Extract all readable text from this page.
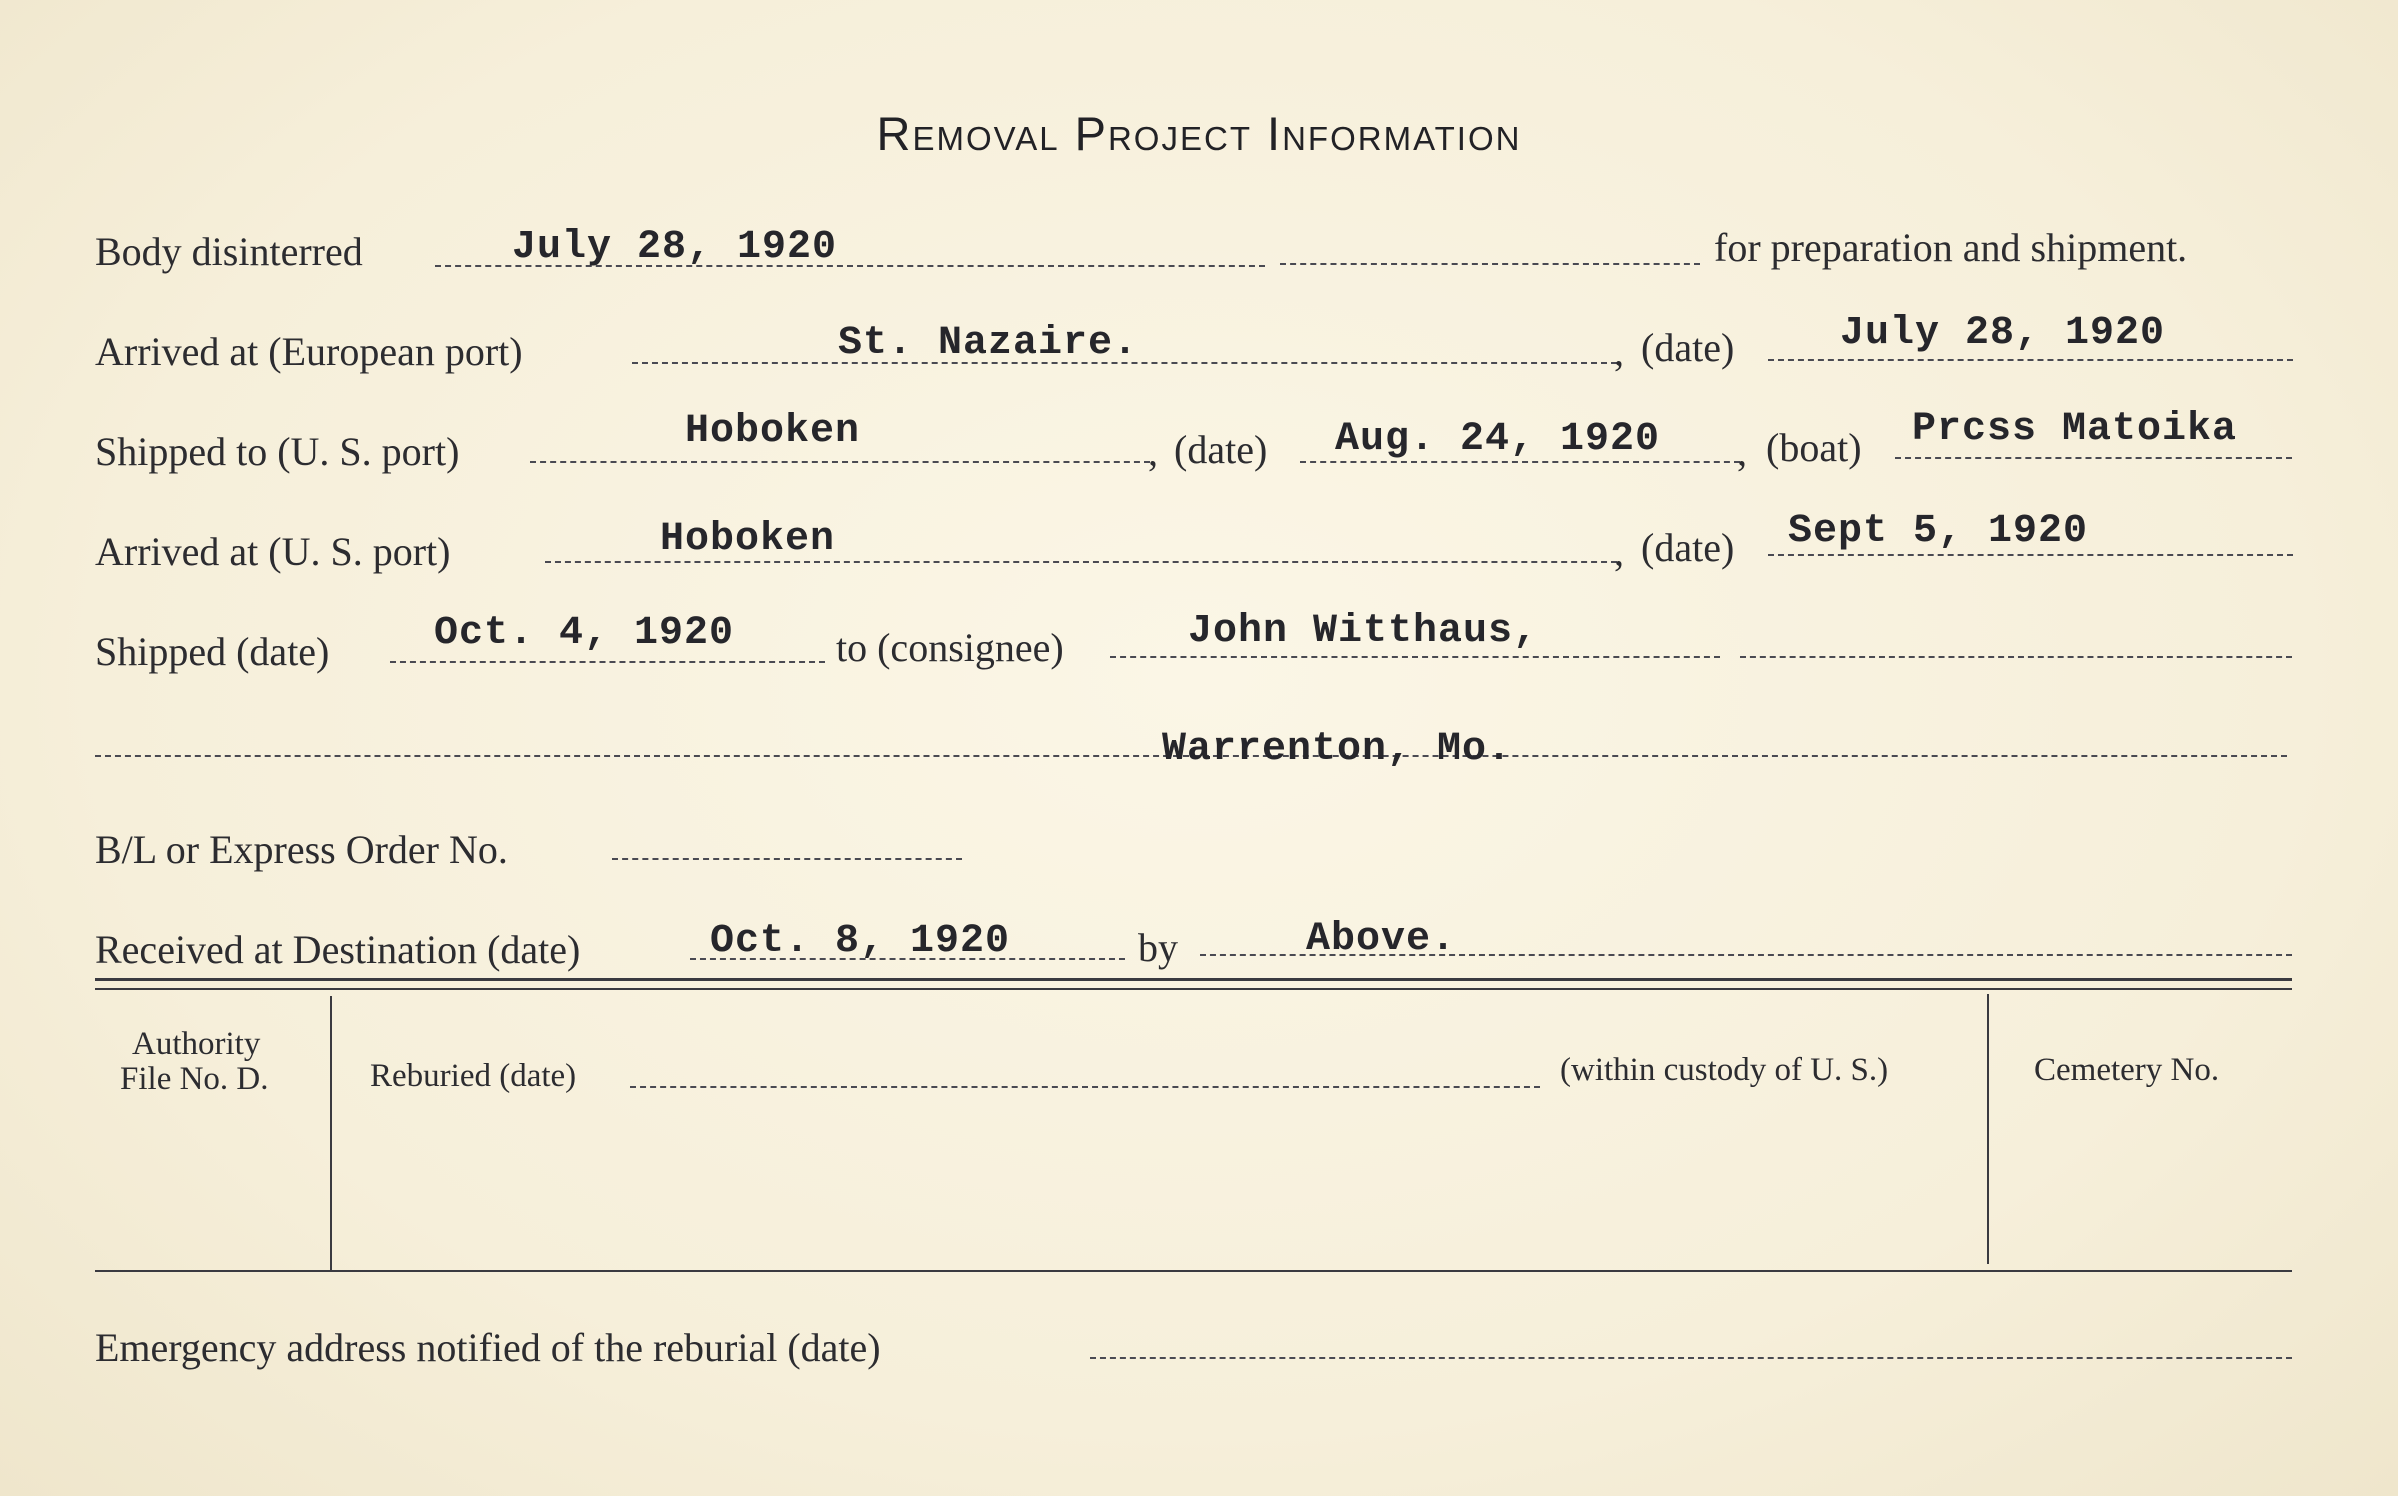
Removal Project Information
Body disinterred	July 28, 1920	for preparation and shipment.
Arrived at (European port)	St. Nazaire.	, (date)	July 28, 1920
Shipped to (U. S. port)	Hoboken	, (date) Aug. 24, 1920 , (boat) Prcss Matoika
Arrived at (U. S. port)	Hoboken	, (date) Sept 5, 1920
Shipped (date)	Oct. 4, 1920	to (consignee)	John Witthaus,
Warrenton, Mo.
B/L or Express Order No.
Received at Destination (date)	Oct. 8, 1920	by	Above.
Authority
File No. D.	Reburied (date)	(within custody of U. S.)	Cemetery No.
Emergency address notified of the reburial (date)
